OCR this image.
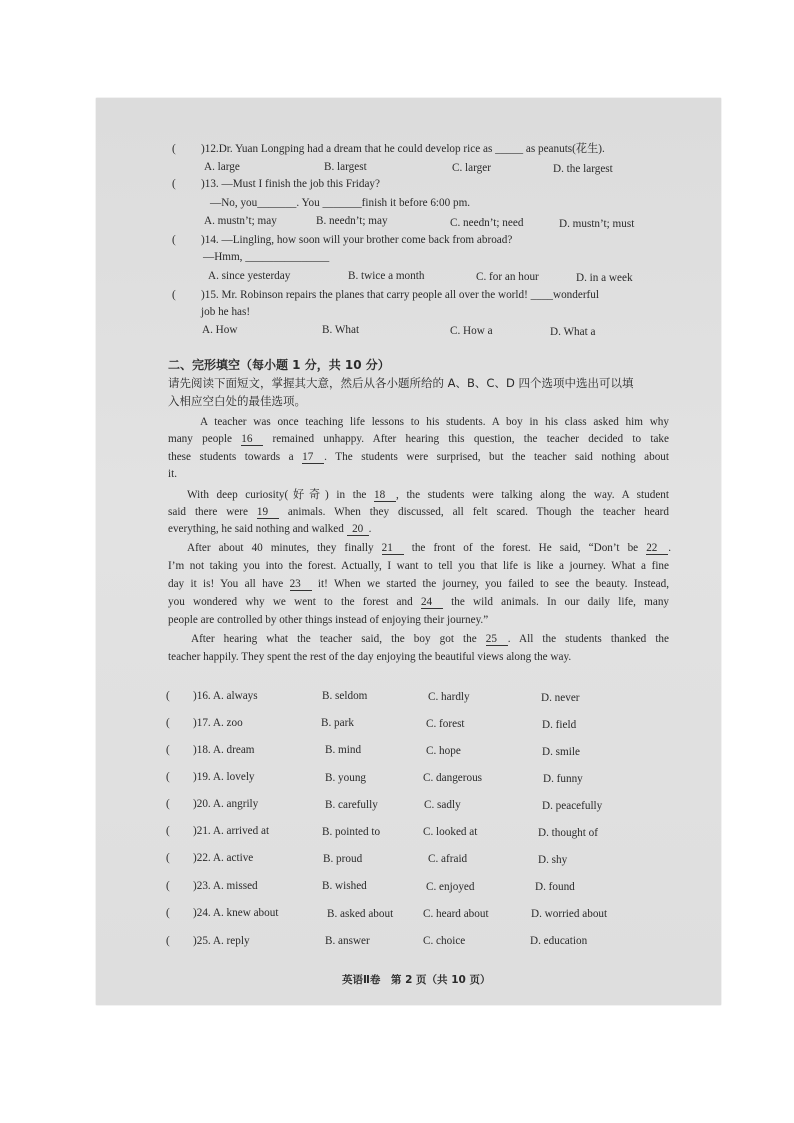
( )12.Dr. Yuan Longping had a dream that he could develop rice as _____ as peanuts(花生).
A. large	B. largest	C. larger	D. the largest
( )13. —Must I finish the job this Friday?
—No, you_______. You _______finish it before 6:00 pm.
A. mustn’t; may	B. needn’t; may	C. needn’t; need	D. mustn’t; must
( )14. —Lingling, how soon will your brother come back from abroad?
—Hmm, _______________
A. since yesterday	B. twice a month	C. for an hour	D. in a week
( )15. Mr. Robinson repairs the planes that carry people all over the world! ____wonderful
job he has!
A. How	B. What	C. How a	D. What a
二、完形填空（每小题 1 分，共 10 分）
请先阅读下面短文，掌握其大意，然后从各小题所给的 A、B、C、D 四个选项中选出可以填
入相应空白处的最佳选项。
A teacher was once teaching life lessons to his students. A boy in his class asked him why
many people 16 remained unhappy. After hearing this question, the teacher decided to take
these students towards a 17 . The students were surprised, but the teacher said nothing about
it.
With deep curiosity(好奇) in the 18 , the students were talking along the way. A student
said there were 19 animals. When they discussed, all felt scared. Though the teacher heard
everything, he said nothing and walked 20 .
After about 40 minutes, they finally 21 the front of the forest. He said, “Don’t be 22 .
I’m not taking you into the forest. Actually, I want to tell you that life is like a journey. What a fine
day it is! You all have 23 it! When we started the journey, you failed to see the beauty. Instead,
you wondered why we went to the forest and 24 the wild animals. In our daily life, many
people are controlled by other things instead of enjoying their journey.”
After hearing what the teacher said, the boy got the 25 . All the students thanked the
teacher happily. They spent the rest of the day enjoying the beautiful views along the way.
( )16. A. always	B. seldom	C. hardly	D. never
( )17. A. zoo	B. park	C. forest	D. field
( )18. A. dream	B. mind	C. hope	D. smile
( )19. A. lovely	B. young	C. dangerous	D. funny
( )20. A. angrily	B. carefully	C. sadly	D. peacefully
( )21. A. arrived at	B. pointed to	C. looked at	D. thought of
( )22. A. active	B. proud	C. afraid	D. shy
( )23. A. missed	B. wished	C. enjoyed	D. found
( )24. A. knew about	B. asked about	C. heard about	D. worried about
( )25. A. reply	B. answer	C. choice	D. education
英语Ⅱ卷　第 2 页（共 10 页）
